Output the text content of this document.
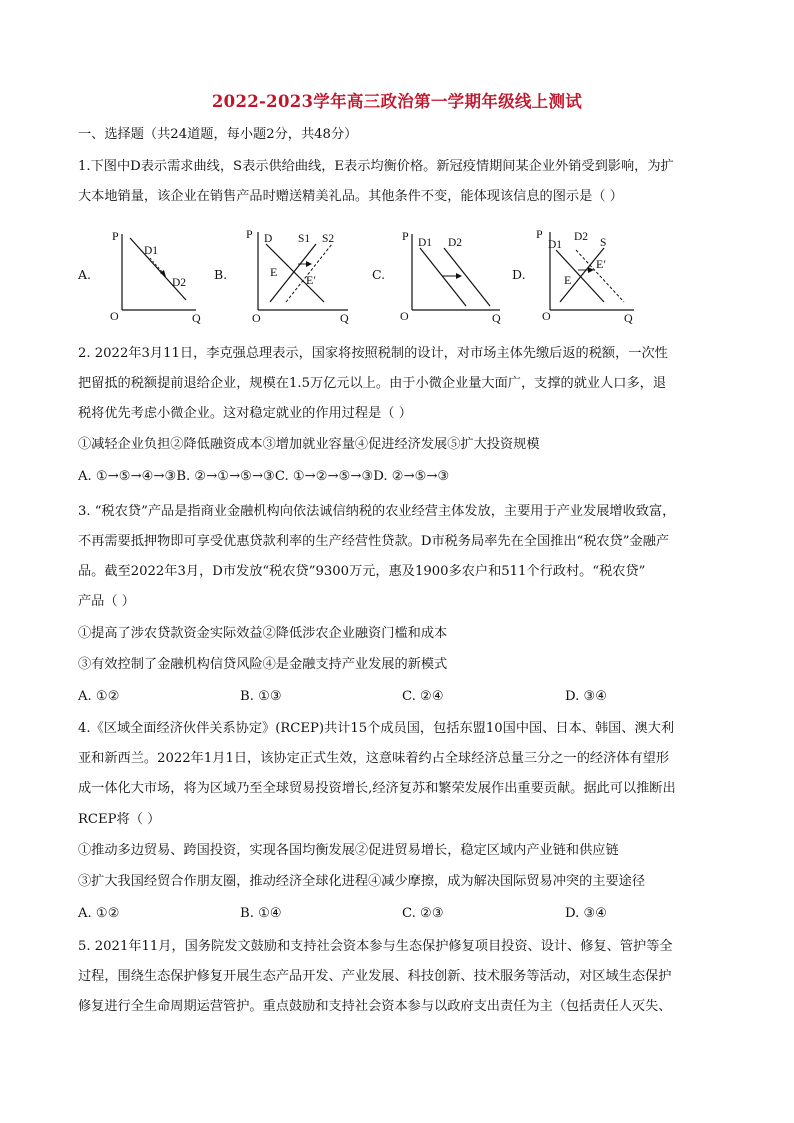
2022-2023学年高三政治第一学期年级线上测试
一、选择题（共24道题，每小题2分，共48分）
1.下图中D表示需求曲线，S表示供给曲线，E表示均衡价格。新冠疫情期间某企业外销受到影响，为扩
大本地销量，该企业在销售产品时赠送精美礼品。其他条件不变，能体现该信息的图示是（ ）
A.
P
O	Q
D1
D2
B.
P
O	Q
D S1 S2
E
E′	C.
P
O	Q
D1 D2
D.
P
O	Q
D1
D2 S
E
E′
2. 2022年3月11日，李克强总理表示，国家将按照税制的设计，对市场主体先缴后返的税额，一次性
把留抵的税额提前退给企业，规模在1.5万亿元以上。由于小微企业量大面广，支撑的就业人口多，退
税将优先考虑小微企业。这对稳定就业的作用过程是（ ）
①减轻企业负担②降低融资成本③增加就业容量④促进经济发展⑤扩大投资规模
A. ①→⑤→④→③B. ②→①→⑤→③C. ①→②→⑤→③D. ②→⑤→③
3. “税农贷”产品是指商业金融机构向依法诚信纳税的农业经营主体发放，主要用于产业发展增收致富，
不再需要抵押物即可享受优惠贷款利率的生产经营性贷款。D市税务局率先在全国推出“税农贷”金融产
品。截至2022年3月，D市发放“税农贷”9300万元，惠及1900多农户和511个行政村。“税农贷”
产品（ ）
①提高了涉农贷款资金实际效益②降低涉农企业融资门槛和成本
③有效控制了金融机构信贷风险④是金融支持产业发展的新模式
A. ①②	B. ①③	C. ②④	D. ③④
4.《区域全面经济伙伴关系协定》(RCEP)共计15个成员国，包括东盟10国中国、日本、韩国、澳大利
亚和新西兰。2022年1月1日，该协定正式生效，这意味着约占全球经济总量三分之一的经济体有望形
成一体化大市场，将为区域乃至全球贸易投资增长,经济复苏和繁荣发展作出重要贡献。据此可以推断出
RCEP将（ ）
①推动多边贸易、跨国投资，实现各国均衡发展②促进贸易增长，稳定区域内产业链和供应链
③扩大我国经贸合作朋友圈，推动经济全球化进程④减少摩擦，成为解决国际贸易冲突的主要途径
A. ①②	B. ①④	C. ②③	D. ③④
5. 2021年11月，国务院发文鼓励和支持社会资本参与生态保护修复项目投资、设计、修复、管护等全
过程，围绕生态保护修复开展生态产品开发、产业发展、科技创新、技术服务等活动，对区域生态保护
修复进行全生命周期运营管护。重点鼓励和支持社会资本参与以政府支出责任为主（包括责任人灭失、
